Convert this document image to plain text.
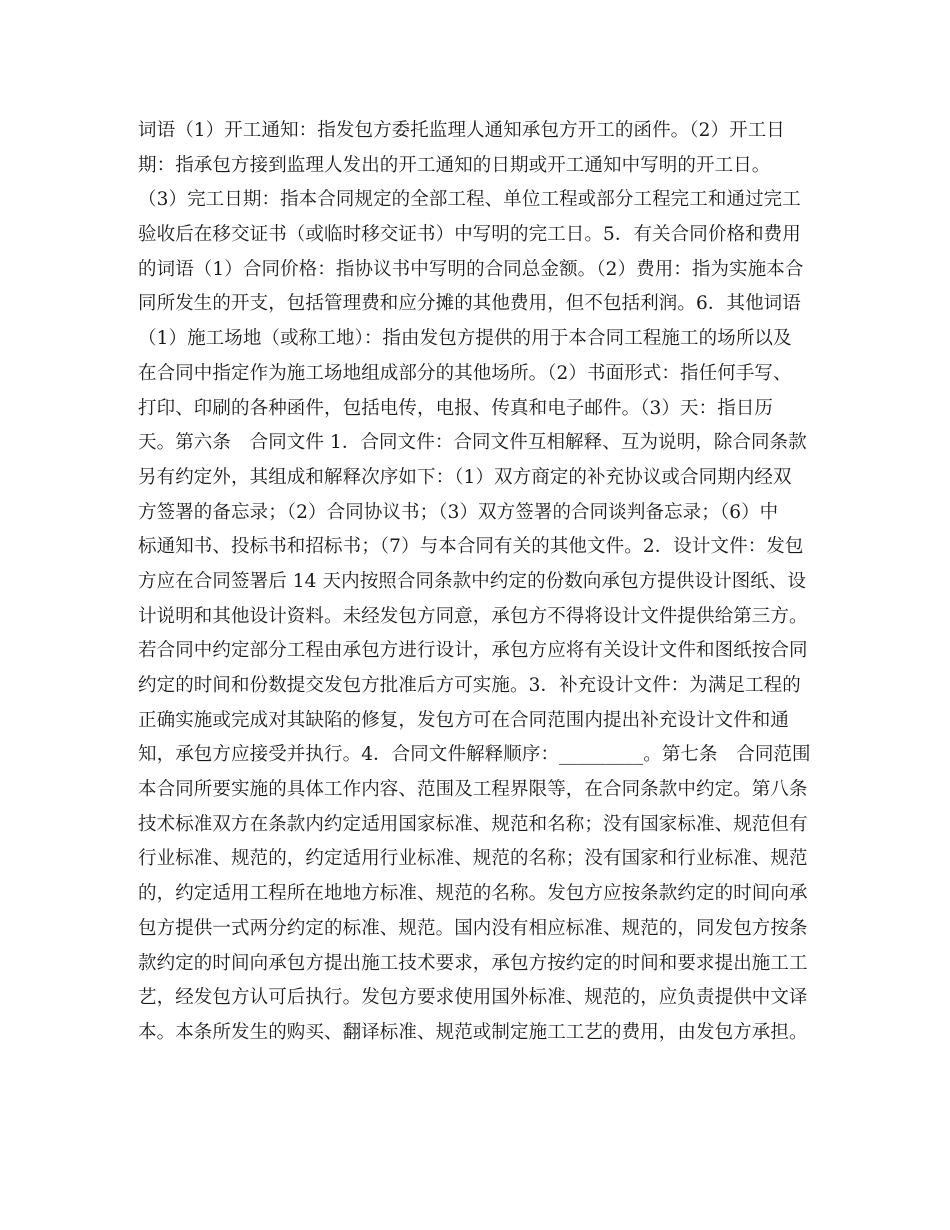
词语（1）开工通知：指发包方委托监理人通知承包方开工的函件。（2）开工日
期：指承包方接到监理人发出的开工通知的日期或开工通知中写明的开工日。
（3）完工日期：指本合同规定的全部工程、单位工程或部分工程完工和通过完工
验收后在移交证书（或临时移交证书）中写明的完工日。5．有关合同价格和费用
的词语（1）合同价格：指协议书中写明的合同总金额。（2）费用：指为实施本合
同所发生的开支，包括管理费和应分摊的其他费用，但不包括利润。6．其他词语
（1）施工场地（或称工地）：指由发包方提供的用于本合同工程施工的场所以及
在合同中指定作为施工场地组成部分的其他场所。（2）书面形式：指任何手写、
打印、印刷的各种函件，包括电传，电报、传真和电子邮件。（3）天：指日历
天。第六条　合同文件 1．合同文件：合同文件互相解释、互为说明，除合同条款
另有约定外，其组成和解释次序如下：（1）双方商定的补充协议或合同期内经双
方签署的备忘录；（2）合同协议书；（3）双方签署的合同谈判备忘录；（6）中
标通知书、投标书和招标书；（7）与本合同有关的其他文件。2．设计文件：发包
方应在合同签署后 14 天内按照合同条款中约定的份数向承包方提供设计图纸、设
计说明和其他设计资料。未经发包方同意，承包方不得将设计文件提供给第三方。
若合同中约定部分工程由承包方进行设计，承包方应将有关设计文件和图纸按合同
约定的时间和份数提交发包方批准后方可实施。3．补充设计文件：为满足工程的
正确实施或完成对其缺陷的修复，发包方可在合同范围内提出补充设计文件和通
知，承包方应接受并执行。4．合同文件解释顺序：_________。第七条　合同范围
本合同所要实施的具体工作内容、范围及工程界限等，在合同条款中约定。第八条
技术标准双方在条款内约定适用国家标准、规范和名称；没有国家标准、规范但有
行业标准、规范的，约定适用行业标准、规范的名称；没有国家和行业标准、规范
的，约定适用工程所在地地方标准、规范的名称。发包方应按条款约定的时间向承
包方提供一式两分约定的标准、规范。国内没有相应标准、规范的，同发包方按条
款约定的时间向承包方提出施工技术要求，承包方按约定的时间和要求提出施工工
艺，经发包方认可后执行。发包方要求使用国外标准、规范的，应负责提供中文译
本。本条所发生的购买、翻译标准、规范或制定施工工艺的费用，由发包方承担。
